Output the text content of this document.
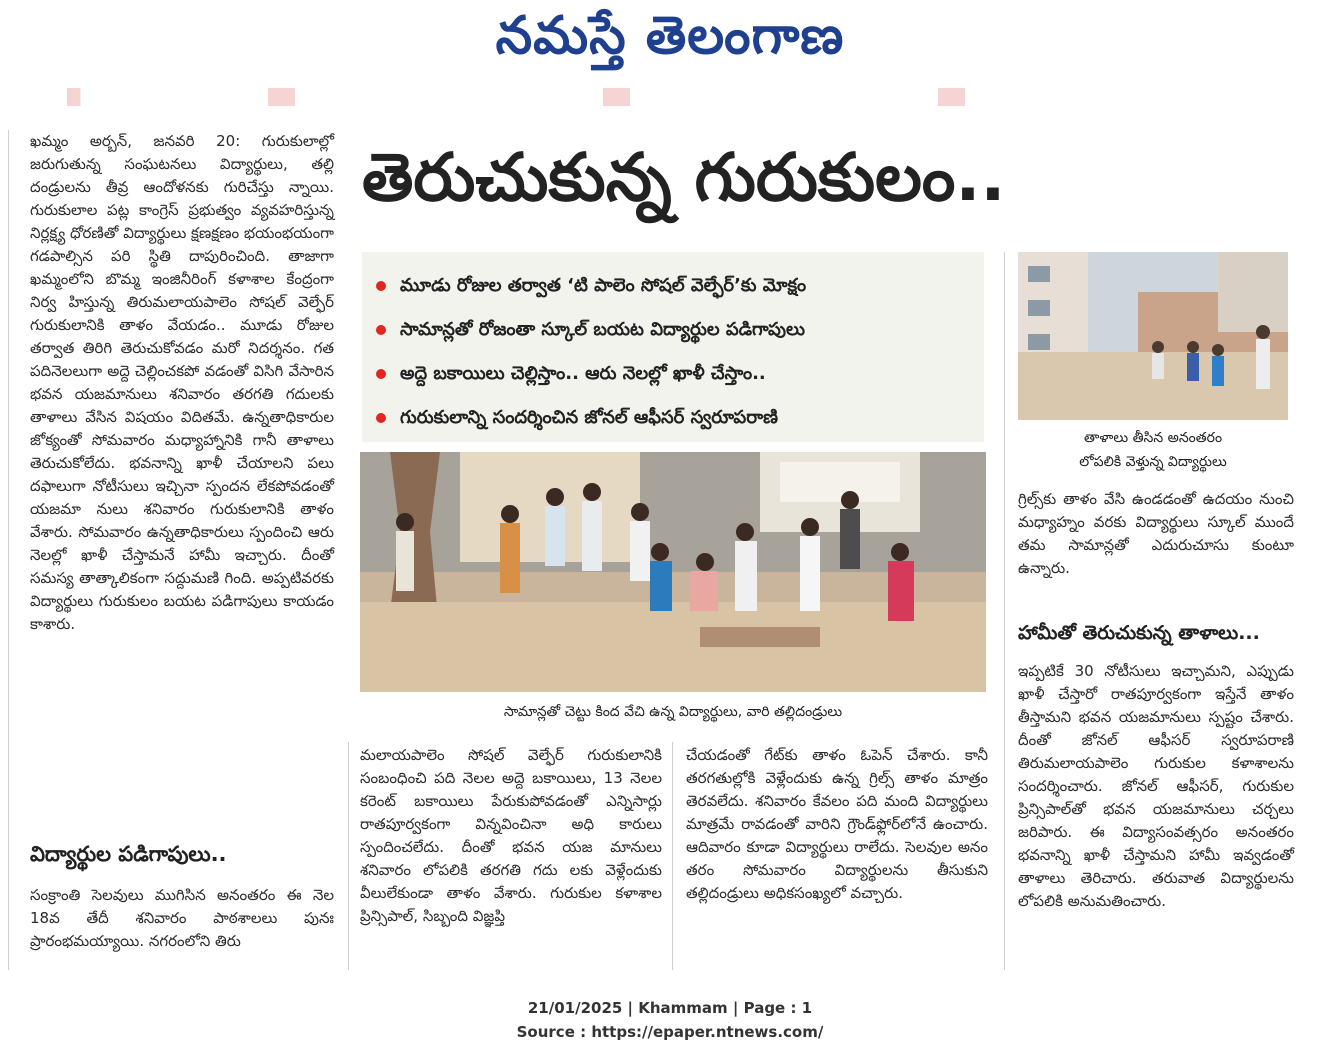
నమస్తే తెలంగాణ

ఖమ్మం అర్బన్, జనవరి 20: గురుకులాల్లో జరుగుతున్న సంఘటనలు విద్యార్థులు, తల్లి దండ్రులను తీవ్ర ఆందోళనకు గురిచేస్తు న్నాయి. గురుకులాల పట్ల కాంగ్రెస్ ప్రభుత్వం వ్యవహరిస్తున్న నిర్లక్ష్య ధోరణితో విద్యార్థులు క్షణక్షణం భయంభయంగా గడపాల్సిన పరి స్థితి దాపురించింది. తాజాగా ఖమ్మంలోని బొమ్మ ఇంజినీరింగ్ కళాశాల కేంద్రంగా నిర్వ హిస్తున్న తిరుమలాయపాలెం సోషల్ వెల్ఫేర్ గురుకులానికి తాళం వేయడం.. మూడు రోజుల తర్వాత తిరిగి తెరుచుకోవడం మరో నిదర్శనం. గత పదినెలలుగా అద్దె చెల్లించకపో వడంతో విసిగి వేసారిన భవన యజమానులు శనివారం తరగతి గదులకు తాళాలు వేసిన విషయం విదితమే. ఉన్నతాధికారుల జోక్యంతో సోమవారం మధ్యాహ్నానికి గానీ తాళాలు తెరుచుకోలేదు. భవనాన్ని ఖాళీ చేయాలని పలు దఫాలుగా నోటీసులు ఇచ్చినా స్పందన లేకపోవడంతో యజమా నులు శనివారం గురుకులానికి తాళం వేశారు. సోమవారం ఉన్నతాధికారులు స్పందించి ఆరు నెలల్లో ఖాళీ చేస్తామనే హామీ ఇచ్చారు. దీంతో సమస్య తాత్కాలికంగా సద్దుమణి గింది. అప్పటివరకు విద్యార్థులు గురుకులం బయట పడిగాపులు కాయడం కాశారు.

విద్యార్థుల పడిగాపులు..

సంక్రాంతి సెలవులు ముగిసిన అనంతరం ఈ నెల 18వ తేదీ శనివారం పాఠశాలలు పునః ప్రారంభమయ్యాయి. నగరంలోని తిరు

తెరుచుకున్న గురుకులం..
మూడు రోజుల తర్వాత ‘టి పాలెం సోషల్ వెల్ఫేర్’కు మోక్షం
సామాన్లతో రోజంతా స్కూల్ బయట విద్యార్థుల పడిగాపులు
అద్దె బకాయిలు చెల్లిస్తాం.. ఆరు నెలల్లో ఖాళీ చేస్తాం..
గురుకులాన్ని సందర్శించిన జోనల్ ఆఫీసర్ స్వరూపరాణి
తాళాలు తీసిన అనంతరం
లోపలికి వెళ్తున్న విద్యార్థులు
సామాన్లతో చెట్టు కింద వేచి ఉన్న విద్యార్థులు, వారి తల్లిదండ్రులు

మలాయపాలెం సోషల్ వెల్ఫేర్ గురుకులానికి సంబంధించి పది నెలల అద్దె బకాయిలు, 13 నెలల కరెంట్ బకాయిలు పేరుకుపోవడంతో ఎన్నిసార్లు రాతపూర్వకంగా విన్నవించినా అధి కారులు స్పందించలేదు. దీంతో భవన యజ మానులు శనివారం లోపలికి తరగతి గదు లకు వెళ్లేందుకు వీలులేకుండా తాళం వేశారు. గురుకుల కళాశాల ప్రిన్సిపాల్, సిబ్బంది విజ్ఞప్తి

చేయడంతో గేట్‌కు తాళం ఓపెన్ చేశారు. కానీ తరగతుల్లోకి వెళ్లేందుకు ఉన్న గ్రిల్స్ తాళం మాత్రం తెరవలేదు. శనివారం కేవలం పది మంది విద్యార్థులు మాత్రమే రావడంతో వారిని గ్రౌండ్‌ఫ్లోర్‌లోనే ఉంచారు. ఆదివారం కూడా విద్యార్థులు రాలేదు. సెలవుల అనం తరం సోమవారం విద్యార్థులను తీసుకుని తల్లిదండ్రులు అధికసంఖ్యలో వచ్చారు.

గ్రిల్స్‌కు తాళం వేసి ఉండడంతో ఉదయం నుంచి మధ్యాహ్నం వరకు విద్యార్థులు స్కూల్ ముందే తమ సామాన్లతో ఎదురుచూసు కుంటూ ఉన్నారు.

హామీతో తెరుచుకున్న తాళాలు...

ఇప్పటికే 30 నోటీసులు ఇచ్చామని, ఎప్పుడు ఖాళీ చేస్తారో రాతపూర్వకంగా ఇస్తేనే తాళం తీస్తామని భవన యజమానులు స్పష్టం చేశారు. దీంతో జోనల్ ఆఫీసర్ స్వరూపరాణి తిరుమలాయపాలెం గురుకుల కళాశాలను సందర్శించారు. జోనల్ ఆఫీసర్, గురుకుల ప్రిన్సిపాల్‌తో భవన యజమానులు చర్చలు జరిపారు. ఈ విద్యాసంవత్సరం అనంతరం భవనాన్ని ఖాళీ చేస్తామని హామీ ఇవ్వడంతో తాళాలు తెరిచారు. తరువాత విద్యార్థులను లోపలికి అనుమతించారు.

21/01/2025 | Khammam | Page : 1
Source : https://epaper.ntnews.com/
